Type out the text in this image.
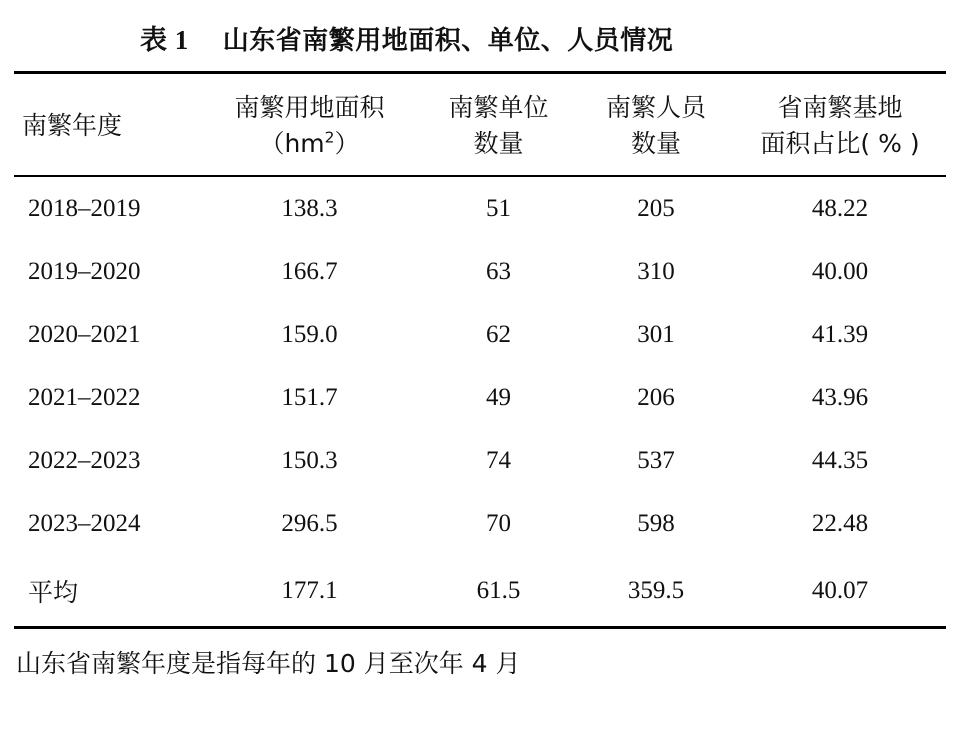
表 1 山东省南繁用地面积、单位、人员情况
南繁年度	南繁用地面积
$(hm^2)$
	南繁单位
数量
	南繁人员
数量
	省南繁基地
面积占比( % )
2018–2019	138.3	51	205	48.22
2019–2020	166.7	63	310	40.00
2020–2021	159.0	62	301	41.39
2021–2022	151.7	49	206	43.96
2022–2023	150.3	74	537	44.35
2023–2024	296.5	70	598	22.48
平均	177.1	61.5	359.5	40.07
山东省南繁年度是指每年的 10 月至次年 4 月
